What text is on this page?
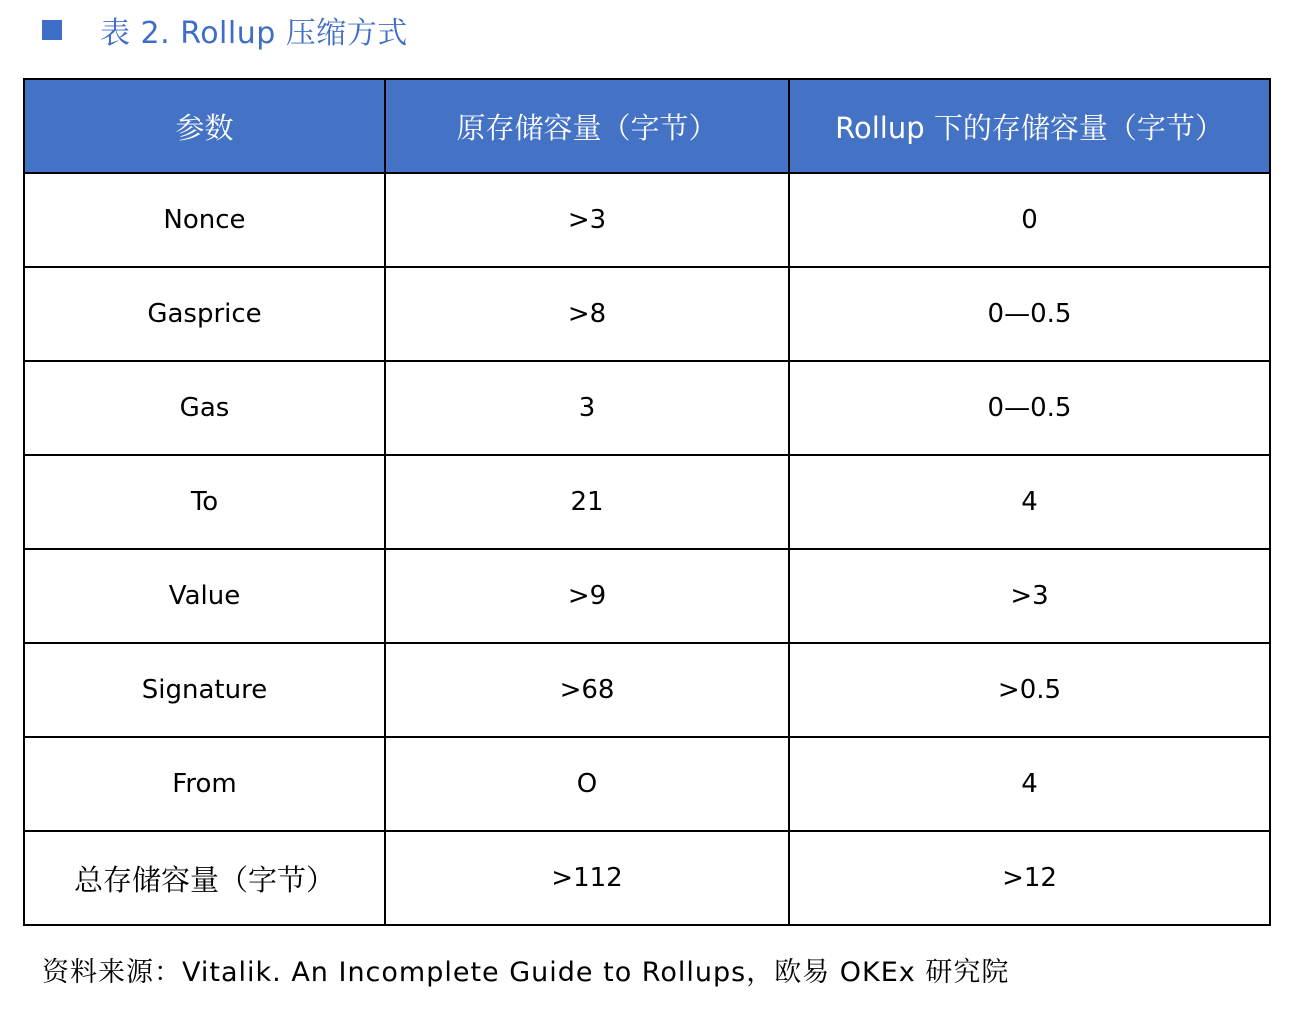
表 2. Rollup 压缩方式
参数	原存储容量（字节）	Rollup 下的存储容量（字节）
Nonce	>3	0
Gasprice	>8	0—0.5
Gas	3	0—0.5
To	21	4
Value	>9	>3
Signature	>68	>0.5
From	O	4
总存储容量（字节）	>112	>12
资料来源：Vitalik. An Incomplete Guide to Rollups，欧易 OKEx 研究院
